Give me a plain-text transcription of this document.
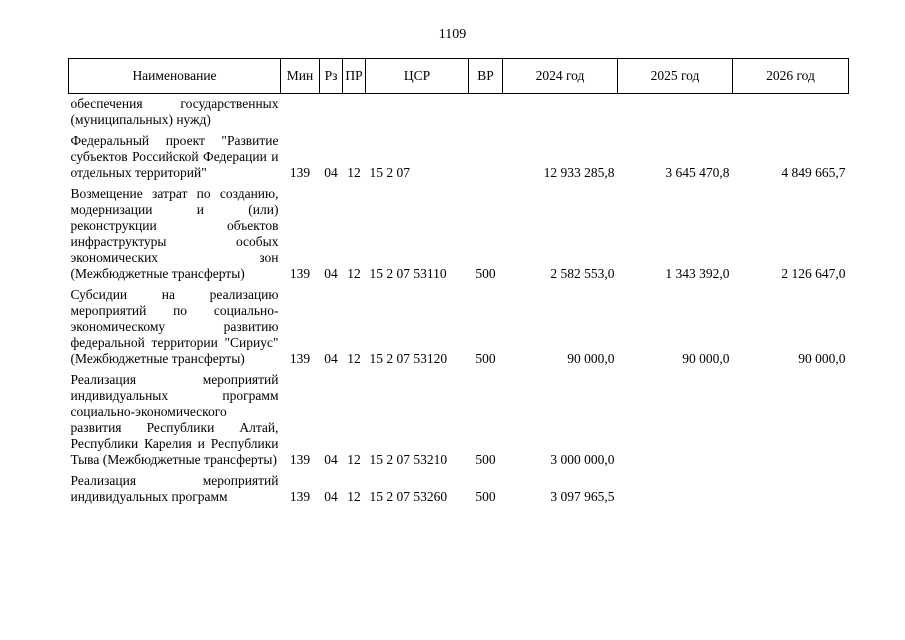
1109
Наименование	Мин	Рз	ПР	ЦСР	ВР	2024 год	2025 год	2026 год
обеспечения государственных (муниципальных) нужд)								
Федеральный проект "Развитие субъектов Российской Федерации и отдельных территорий"	139	04	12	15 2 07		12 933 285,8	3 645 470,8	4 849 665,7
Возмещение затрат по созданию, модернизации и (или) реконструкции объектов инфраструктуры особых экономических зон (Межбюджетные трансферты)	139	04	12	15 2 07 53110	500	2 582 553,0	1 343 392,0	2 126 647,0
Субсидии на реализацию мероприятий по социально-экономическому развитию федеральной территории "Сириус" (Межбюджетные трансферты)	139	04	12	15 2 07 53120	500	90 000,0	90 000,0	90 000,0
Реализация мероприятий индивидуальных программ социально-экономического развития Республики Алтай, Республики Карелия и Республики Тыва (Межбюджетные трансферты)	139	04	12	15 2 07 53210	500	3 000 000,0		
Реализация мероприятий индивидуальных программ	139	04	12	15 2 07 53260	500	3 097 965,5		
